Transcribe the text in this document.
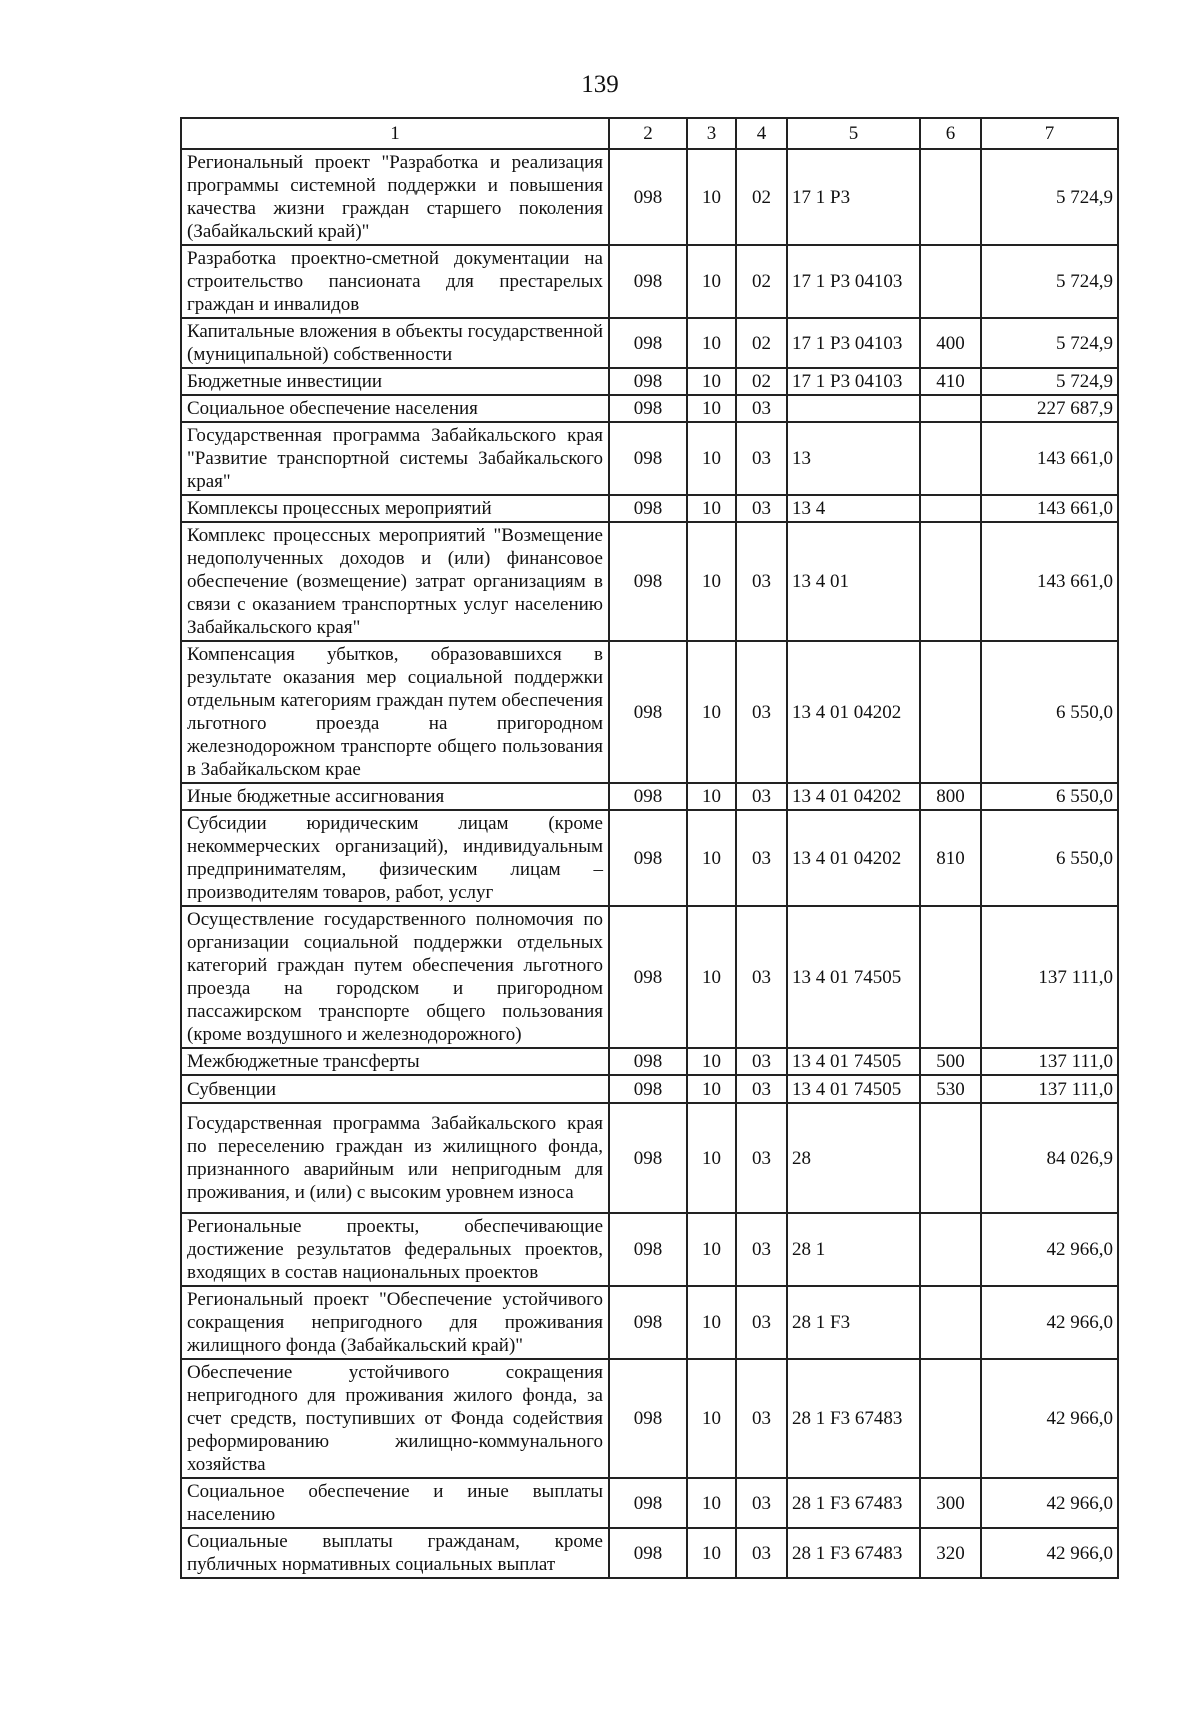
139
1	2	3	4	5	6	7
Региональный проект "Разработка и реализация программы системной поддержки и повышения качества жизни граждан старшего поколения (Забайкальский край)"	098	10	02	17 1 Р3		5 724,9
Разработка проектно-сметной документации на строительство пансионата для престарелых граждан и инвалидов	098	10	02	17 1 Р3 04103		5 724,9
Капитальные вложения в объекты государственной (муниципальной) собственности	098	10	02	17 1 Р3 04103	400	5 724,9
Бюджетные инвестиции	098	10	02	17 1 Р3 04103	410	5 724,9
Социальное обеспечение населения	098	10	03			227 687,9
Государственная программа Забайкальского края "Развитие транспортной системы Забайкальского края"	098	10	03	13		143 661,0
Комплексы процессных мероприятий	098	10	03	13 4		143 661,0
Комплекс процессных мероприятий "Возмещение недополученных доходов и (или) финансовое обеспечение (возмещение) затрат организациям в связи с оказанием транспортных услуг населению Забайкальского края"	098	10	03	13 4 01		143 661,0
Компенсация убытков, образовавшихся в результате оказания мер социальной поддержки отдельным категориям граждан путем обеспечения льготного проезда на пригородном железнодорожном транспорте общего пользования в Забайкальском крае	098	10	03	13 4 01 04202		6 550,0
Иные бюджетные ассигнования	098	10	03	13 4 01 04202	800	6 550,0
Субсидии юридическим лицам (кроме некоммерческих организаций), индивидуальным предпринимателям, физическим лицам – производителям товаров, работ, услуг	098	10	03	13 4 01 04202	810	6 550,0
Осуществление государственного полномочия по организации социальной поддержки отдельных категорий граждан путем обеспечения льготного проезда на городском и пригородном пассажирском транспорте общего пользования (кроме воздушного и железнодорожного)	098	10	03	13 4 01 74505		137 111,0
Межбюджетные трансферты	098	10	03	13 4 01 74505	500	137 111,0
Субвенции	098	10	03	13 4 01 74505	530	137 111,0
Государственная программа Забайкальского края по переселению граждан из жилищного фонда, признанного аварийным или непригодным для проживания, и (или) с высоким уровнем износа	098	10	03	28		84 026,9
Региональные проекты, обеспечивающие достижение результатов федеральных проектов, входящих в состав национальных проектов	098	10	03	28 1		42 966,0
Региональный проект "Обеспечение устойчивого сокращения непригодного для проживания жилищного фонда (Забайкальский край)"	098	10	03	28 1 F3		42 966,0
Обеспечение устойчивого сокращения непригодного для проживания жилого фонда, за счет средств, поступивших от Фонда содействия реформированию жилищно-коммунального хозяйства	098	10	03	28 1 F3 67483		42 966,0
Социальное обеспечение и иные выплаты населению	098	10	03	28 1 F3 67483	300	42 966,0
Социальные выплаты гражданам, кроме публичных нормативных социальных выплат	098	10	03	28 1 F3 67483	320	42 966,0
